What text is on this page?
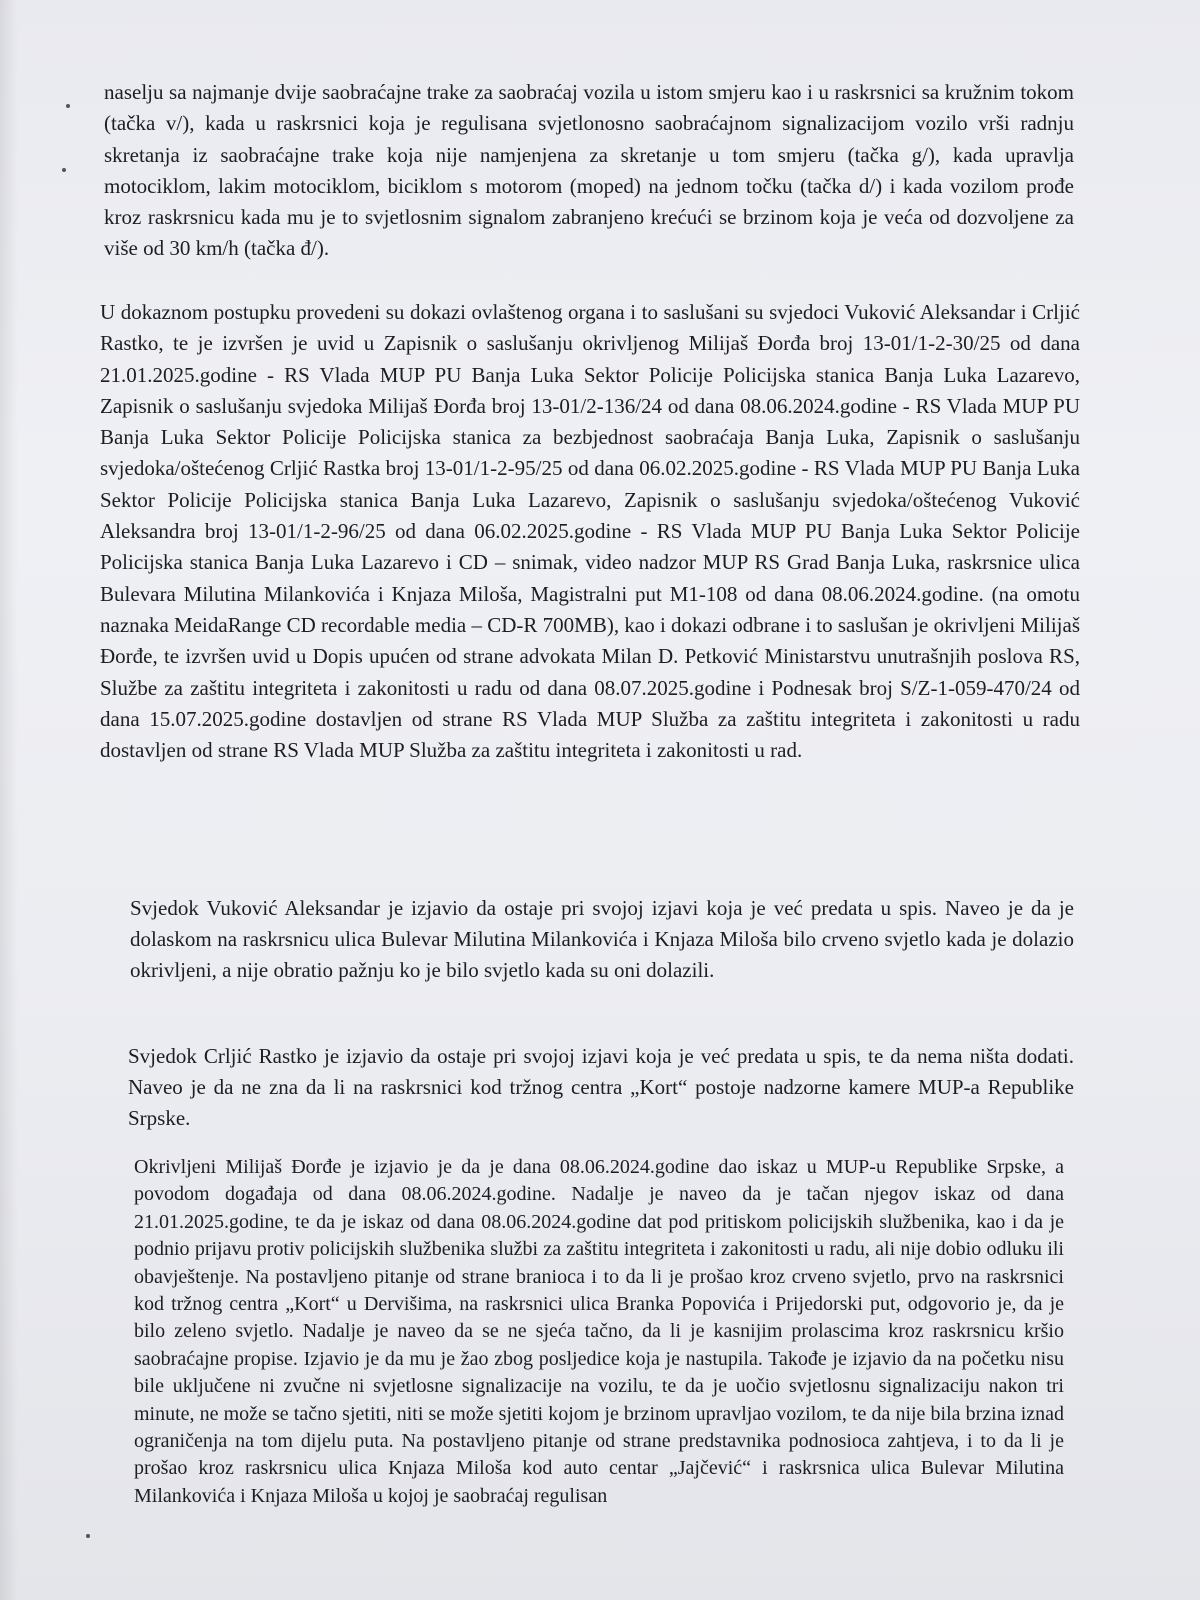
naselju sa najmanje dvije saobraćajne trake za saobraćaj vozila u istom smjeru kao i u raskrsnici sa kružnim tokom (tačka v/), kada u raskrsnici koja je regulisana svjetlonosno saobraćajnom signalizacijom vozilo vrši radnju skretanja iz saobraćajne trake koja nije namjenjena za skretanje u tom smjeru (tačka g/), kada upravlja motociklom, lakim motociklom, biciklom s motorom (moped) na jednom točku (tačka d/) i kada vozilom prođe kroz raskrsnicu kada mu je to svjetlosnim signalom zabranjeno krećući se brzinom koja je veća od dozvoljene za više od 30 km/h (tačka đ/).

U dokaznom postupku provedeni su dokazi ovlaštenog organa i to saslušani su svjedoci Vuković Aleksandar i Crljić Rastko, te je izvršen je uvid u Zapisnik o saslušanju okrivljenog Milijaš Đorđa broj 13-01/1-2-30/25 od dana 21.01.2025.godine - RS Vlada MUP PU Banja Luka Sektor Policije Policijska stanica Banja Luka Lazarevo, Zapisnik o saslušanju svjedoka Milijaš Đorđa broj 13-01/2-136/24 od dana 08.06.2024.godine - RS Vlada MUP PU Banja Luka Sektor Policije Policijska stanica za bezbjednost saobraćaja Banja Luka, Zapisnik o saslušanju svjedoka/oštećenog Crljić Rastka broj 13-01/1-2-95/25 od dana 06.02.2025.godine - RS Vlada MUP PU Banja Luka Sektor Policije Policijska stanica Banja Luka Lazarevo, Zapisnik o saslušanju svjedoka/oštećenog Vuković Aleksandra broj 13-01/1-2-96/25 od dana 06.02.2025.godine - RS Vlada MUP PU Banja Luka Sektor Policije Policijska stanica Banja Luka Lazarevo i CD – snimak, video nadzor MUP RS Grad Banja Luka, raskrsnice ulica Bulevara Milutina Milankovića i Knjaza Miloša, Magistralni put M1-108 od dana 08.06.2024.godine. (na omotu naznaka MeidaRange CD recordable media – CD-R 700MB), kao i dokazi odbrane i to saslušan je okrivljeni Milijaš Đorđe, te izvršen uvid u Dopis upućen od strane advokata Milan D. Petković Ministarstvu unutrašnjih poslova RS, Službe za zaštitu integriteta i zakonitosti u radu od dana 08.07.2025.godine i Podnesak broj S/Z-1-059-470/24 od dana 15.07.2025.godine dostavljen od strane RS Vlada MUP Služba za zaštitu integriteta i zakonitosti u radu dostavljen od strane RS Vlada MUP Služba za zaštitu integriteta i zakonitosti u rad.

Svjedok Vuković Aleksandar je izjavio da ostaje pri svojoj izjavi koja je već predata u spis. Naveo je da je dolaskom na raskrsnicu ulica Bulevar Milutina Milankovića i Knjaza Miloša bilo crveno svjetlo kada je dolazio okrivljeni, a nije obratio pažnju ko je bilo svjetlo kada su oni dolazili.

Svjedok Crljić Rastko je izjavio da ostaje pri svojoj izjavi koja je već predata u spis, te da nema ništa dodati. Naveo je da ne zna da li na raskrsnici kod tržnog centra „Kort“ postoje nadzorne kamere MUP-a Republike Srpske.

Okrivljeni Milijaš Đorđe je izjavio je da je dana 08.06.2024.godine dao iskaz u MUP-u Republike Srpske, a povodom događaja od dana 08.06.2024.godine. Nadalje je naveo da je tačan njegov iskaz od dana 21.01.2025.godine, te da je iskaz od dana 08.06.2024.godine dat pod pritiskom policijskih službenika, kao i da je podnio prijavu protiv policijskih službenika službi za zaštitu integriteta i zakonitosti u radu, ali nije dobio odluku ili obavještenje. Na postavljeno pitanje od strane branioca i to da li je prošao kroz crveno svjetlo, prvo na raskrsnici kod tržnog centra „Kort“ u Dervišima, na raskrsnici ulica Branka Popovića i Prijedorski put, odgovorio je, da je bilo zeleno svjetlo. Nadalje je naveo da se ne sjeća tačno, da li je kasnijim prolascima kroz raskrsnicu kršio saobraćajne propise. Izjavio je da mu je žao zbog posljedice koja je nastupila. Takođe je izjavio da na početku nisu bile uključene ni zvučne ni svjetlosne signalizacije na vozilu, te da je uočio svjetlosnu signalizaciju nakon tri minute, ne može se tačno sjetiti, niti se može sjetiti kojom je brzinom upravljao vozilom, te da nije bila brzina iznad ograničenja na tom dijelu puta. Na postavljeno pitanje od strane predstavnika podnosioca zahtjeva, i to da li je prošao kroz raskrsnicu ulica Knjaza Miloša kod auto centar „Jajčević“ i raskrsnica ulica Bulevar Milutina Milankovića i Knjaza Miloša u kojoj je saobraćaj regulisan
